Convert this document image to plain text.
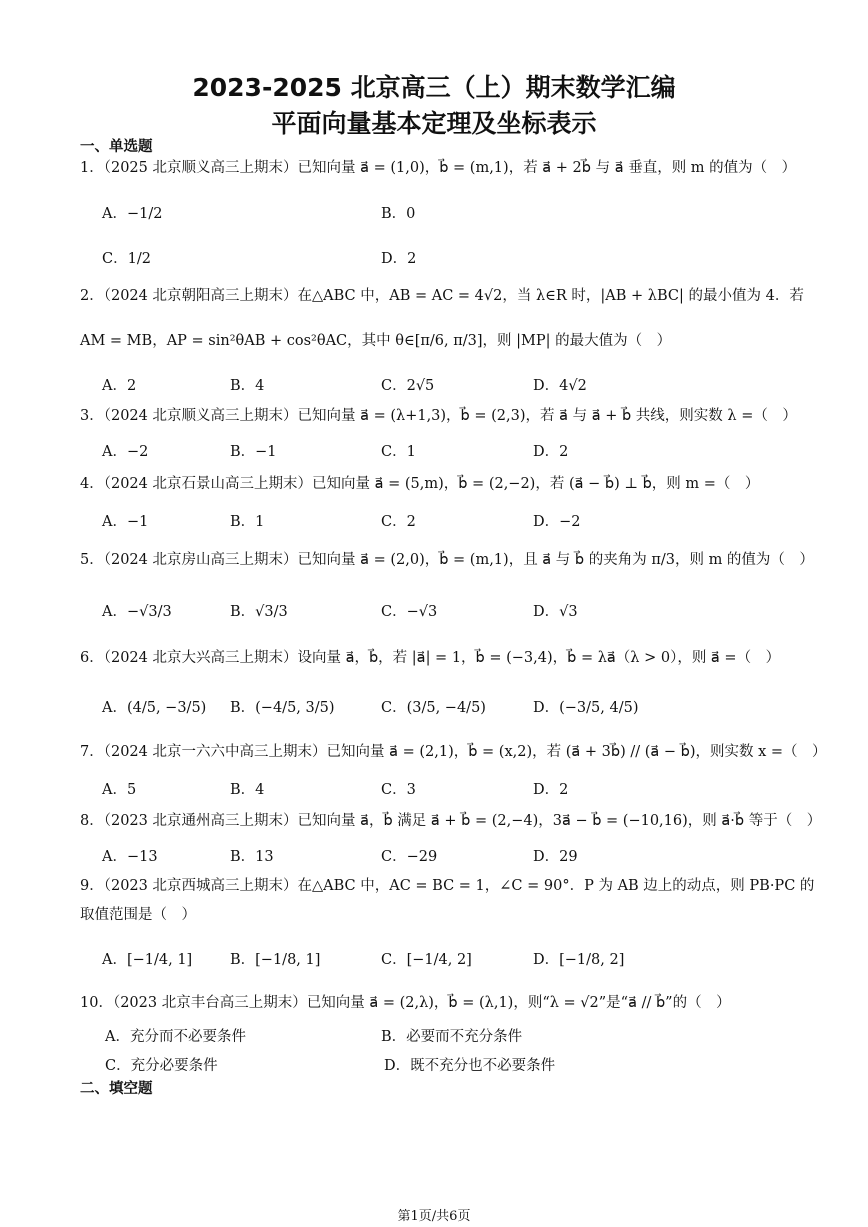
2023-2025 北京高三（上）期末数学汇编
平面向量基本定理及坐标表示
一、单选题
1．（2025 北京顺义高三上期末）已知向量 a⃗ = (1,0)，b⃗ = (m,1)，若 a⃗ + 2b⃗ 与 a⃗ 垂直，则 m 的值为（　）
A．−1/2	B．0
C．1/2	D．2
2．（2024 北京朝阳高三上期末）在△ABC 中，AB = AC = 4√2，当 λ∈R 时，|AB + λBC| 的最小值为 4．若
AM = MB，AP = sin²θAB + cos²θAC，其中 θ∈[π/6, π/3]，则 |MP| 的最大值为（　）
A．2	B．4	C．2√5	D．4√2
3．（2024 北京顺义高三上期末）已知向量 a⃗ = (λ+1,3)，b⃗ = (2,3)，若 a⃗ 与 a⃗ + b⃗ 共线，则实数 λ =（　）
A．−2	B．−1	C．1	D．2
4．（2024 北京石景山高三上期末）已知向量 a⃗ = (5,m)，b⃗ = (2,−2)，若 (a⃗ − b⃗) ⊥ b⃗，则 m =（　）
A．−1	B．1	C．2	D．−2
5．（2024 北京房山高三上期末）已知向量 a⃗ = (2,0)，b⃗ = (m,1)，且 a⃗ 与 b⃗ 的夹角为 π/3，则 m 的值为（　）
A．−√3/3	B．√3/3	C．−√3	D．√3
6．（2024 北京大兴高三上期末）设向量 a⃗，b⃗，若 |a⃗| = 1，b⃗ = (−3,4)，b⃗ = λa⃗（λ > 0），则 a⃗ =（　）
A．(4/5, −3/5) B．(−4/5, 3/5)	C．(3/5, −4/5)	D．(−3/5, 4/5)
7．（2024 北京一六六中高三上期末）已知向量 a⃗ = (2,1)，b⃗ = (x,2)，若 (a⃗ + 3b⃗) // (a⃗ − b⃗)，则实数 x =（　）
A．5	B．4	C．3	D．2
8．（2023 北京通州高三上期末）已知向量 a⃗，b⃗ 满足 a⃗ + b⃗ = (2,−4)，3a⃗ − b⃗ = (−10,16)，则 a⃗·b⃗ 等于（　）
A．−13	B．13	C．−29	D．29
9．（2023 北京西城高三上期末）在△ABC 中，AC = BC = 1，∠C = 90°．P 为 AB 边上的动点，则 PB·PC 的
取值范围是（　）
A．[−1/4, 1]	B．[−1/8, 1]	C．[−1/4, 2]	D．[−1/8, 2]
10．（2023 北京丰台高三上期末）已知向量 a⃗ = (2,λ)，b⃗ = (λ,1)，则“λ = √2”是“a⃗ // b⃗”的（　）
A．充分而不必要条件	B．必要而不充分条件
C．充分必要条件	D．既不充分也不必要条件
二、填空题
第1页/共6页
